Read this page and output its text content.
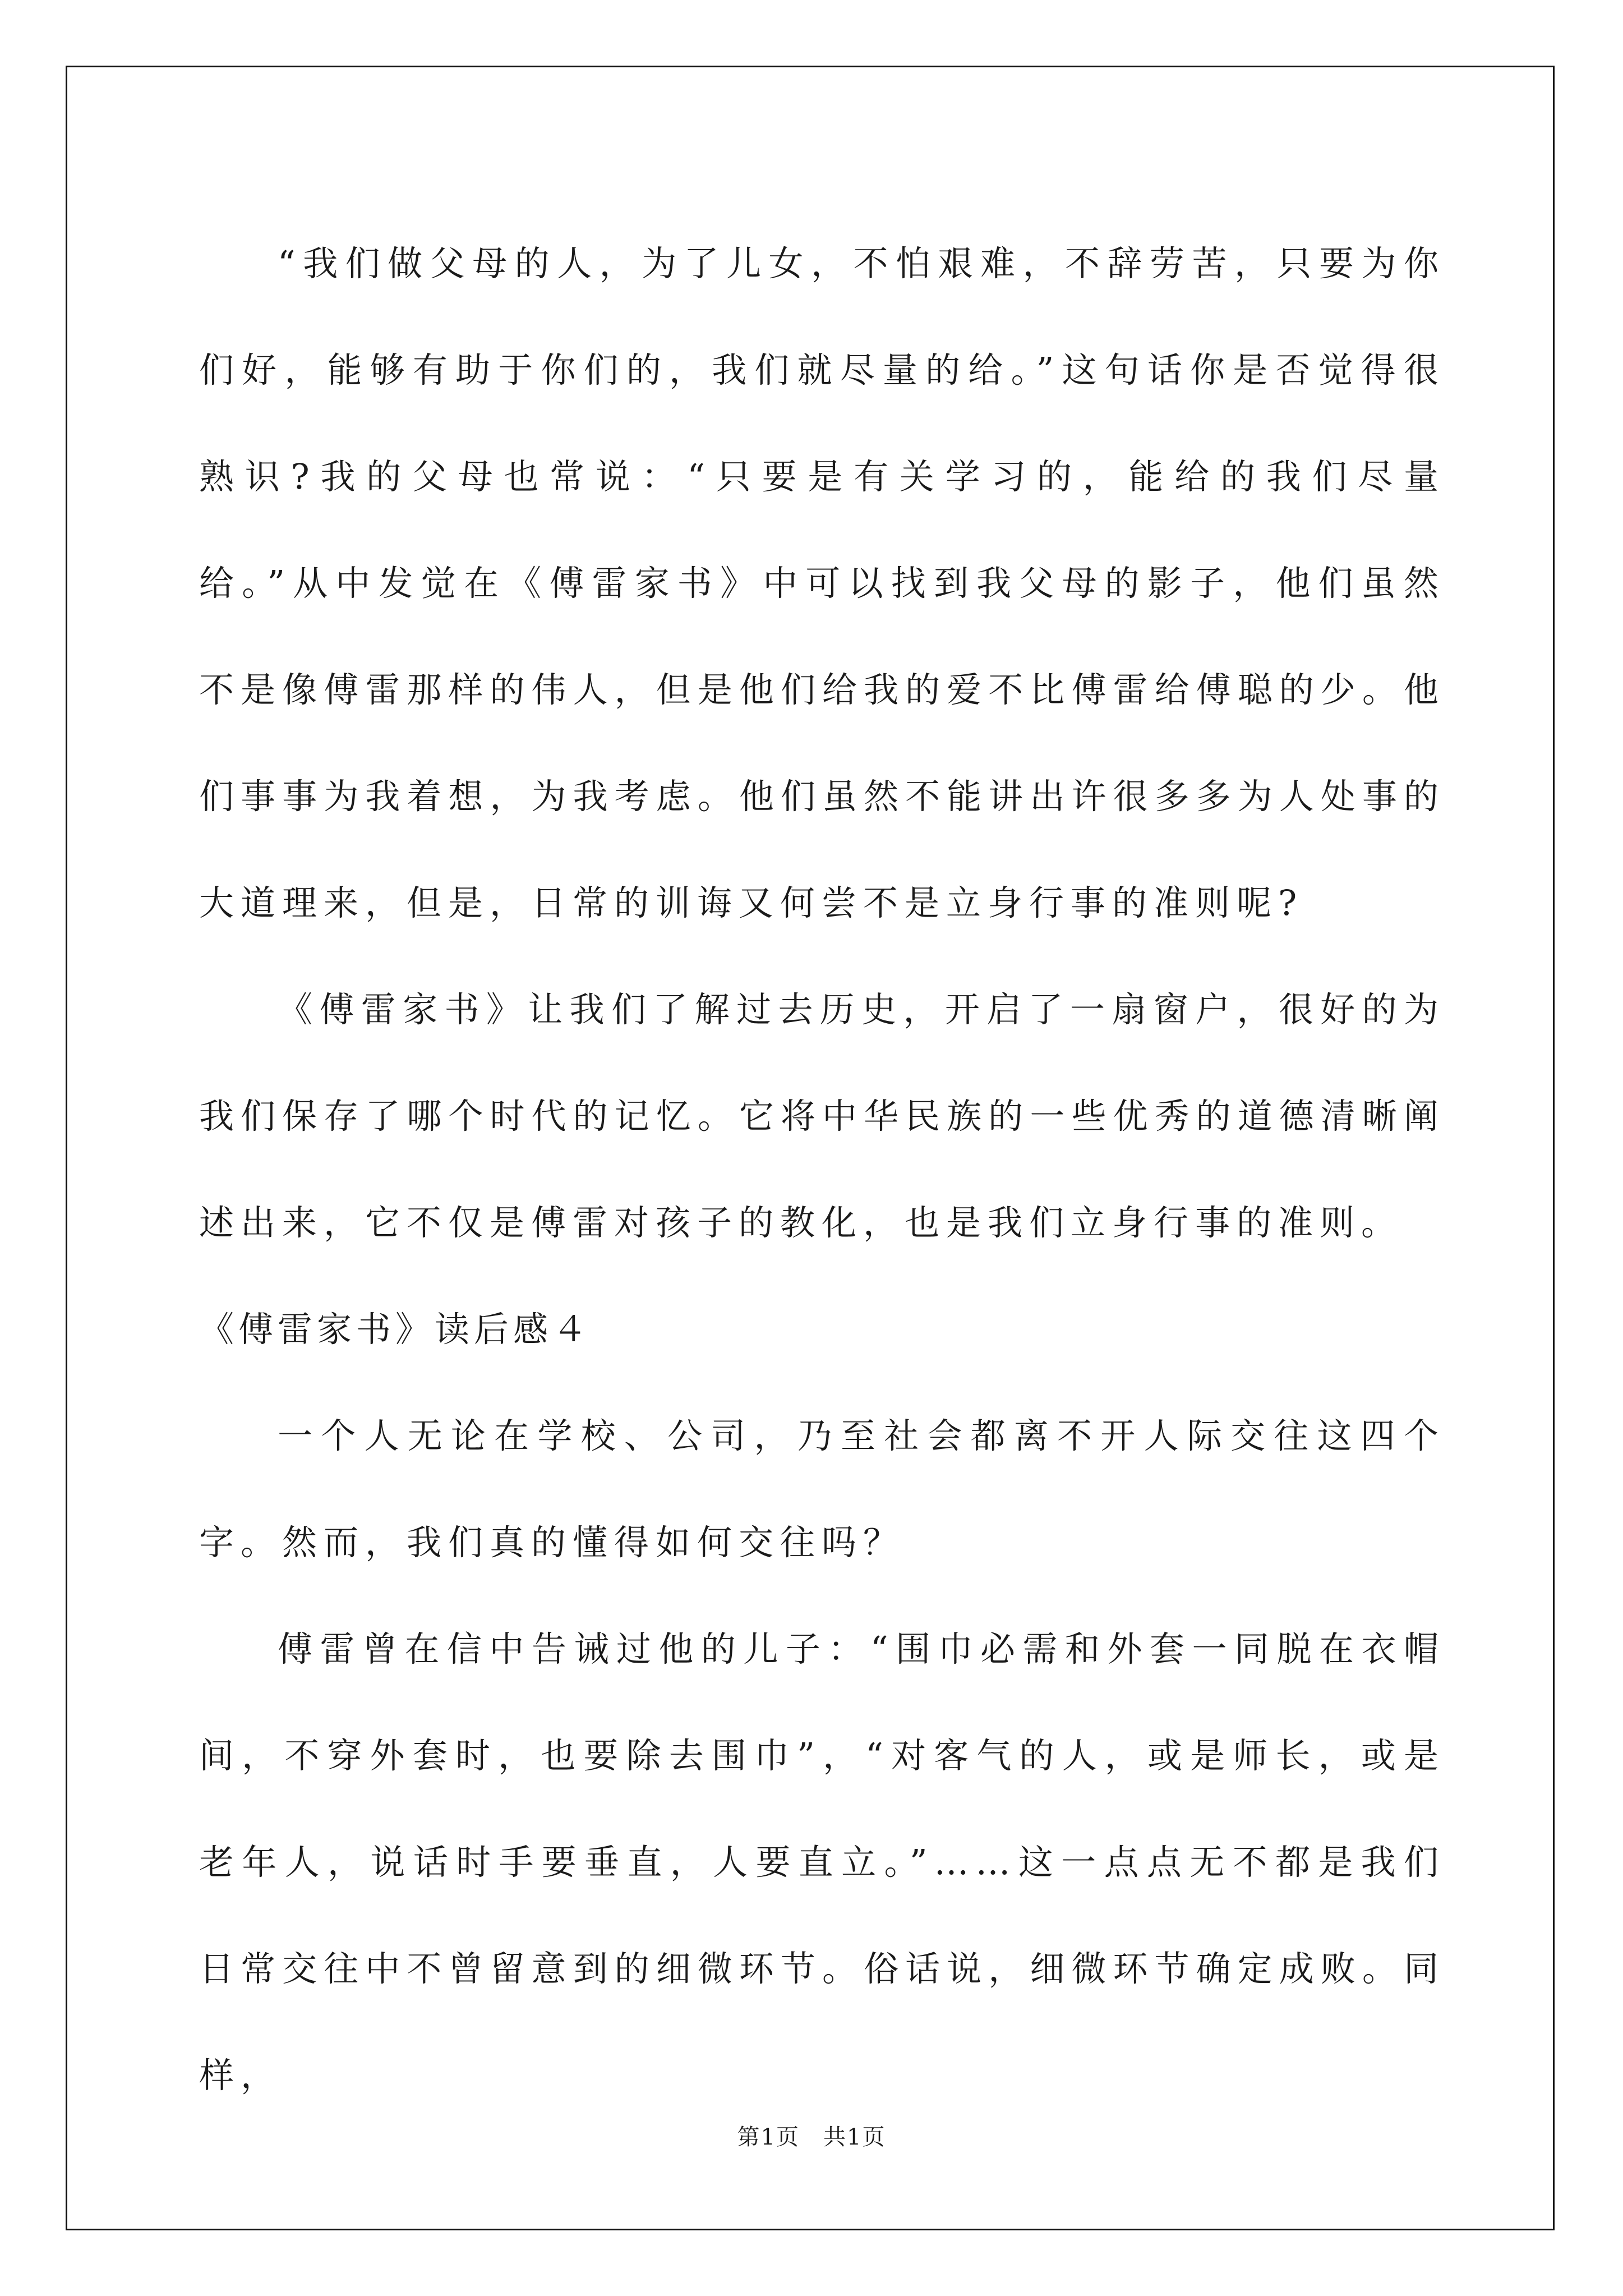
“我们做父母的人，为了儿女，不怕艰难，不辞劳苦，只要为你们好，能够有助于你们的，我们就尽量的给。”这句话你是否觉得很熟识?我的父母也常说：“只要是有关学习的，能给的我们尽量给。”从中发觉在《傅雷家书》中可以找到我父母的影子，他们虽然不是像傅雷那样的伟人，但是他们给我的爱不比傅雷给傅聪的少。他们事事为我着想，为我考虑。他们虽然不能讲出许很多多为人处事的大道理来，但是，日常的训诲又何尝不是立身行事的准则呢?

《傅雷家书》让我们了解过去历史，开启了一扇窗户，很好的为我们保存了哪个时代的记忆。它将中华民族的一些优秀的道德清晰阐述出来，它不仅是傅雷对孩子的教化，也是我们立身行事的准则。

《傅雷家书》读后感４

一个人无论在学校、公司，乃至社会都离不开人际交往这四个字。然而，我们真的懂得如何交往吗？

傅雷曾在信中告诫过他的儿子：“围巾必需和外套一同脱在衣帽间，不穿外套时，也要除去围巾”，“对客气的人，或是师长，或是老年人，说话时手要垂直，人要直立。”……这一点点无不都是我们日常交往中不曾留意到的细微环节。俗话说，细微环节确定成败。同样，

第1页　共1页
